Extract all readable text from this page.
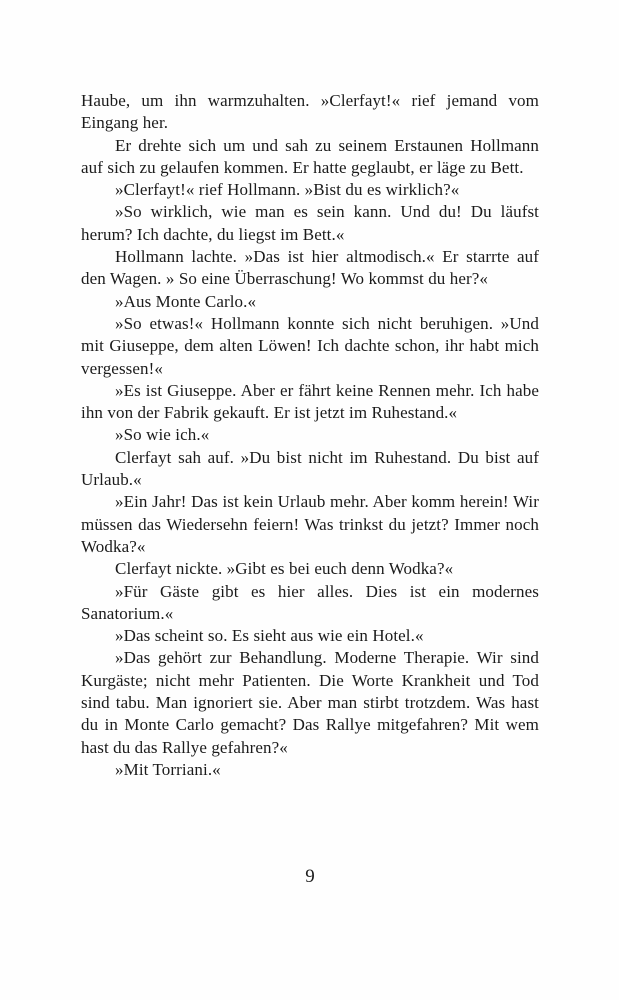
Haube, um ihn warmzuhalten. »Clerfayt!« rief jemand vom Eingang her.

Er drehte sich um und sah zu seinem Erstaunen Hollmann auf sich zu gelaufen kommen. Er hatte geglaubt, er läge zu Bett.

»Clerfayt!« rief Hollmann. »Bist du es wirklich?«

»So wirklich, wie man es sein kann. Und du! Du läufst herum? Ich dachte, du liegst im Bett.«

Hollmann lachte. »Das ist hier altmodisch.« Er starrte auf den Wagen. » So eine Überraschung! Wo kommst du her?«

»Aus Monte Carlo.«

»So etwas!« Hollmann konnte sich nicht beruhigen. »Und mit Giuseppe, dem alten Löwen! Ich dachte schon, ihr habt mich vergessen!«

»Es ist Giuseppe. Aber er fährt keine Rennen mehr. Ich habe ihn von der Fabrik gekauft. Er ist jetzt im Ruhestand.«

»So wie ich.«

Clerfayt sah auf. »Du bist nicht im Ruhestand. Du bist auf Urlaub.«

»Ein Jahr! Das ist kein Urlaub mehr. Aber komm herein! Wir müssen das Wiedersehn feiern! Was trinkst du jetzt? Immer noch Wodka?«

Clerfayt nickte. »Gibt es bei euch denn Wodka?«

»Für Gäste gibt es hier alles. Dies ist ein modernes Sanatorium.«

»Das scheint so. Es sieht aus wie ein Hotel.«

»Das gehört zur Behandlung. Moderne Therapie. Wir sind Kurgäste; nicht mehr Patienten. Die Worte Krankheit und Tod sind tabu. Man ignoriert sie. Aber man stirbt trotzdem. Was hast du in Monte Carlo gemacht? Das Rallye mitgefahren? Mit wem hast du das Rallye gefahren?«

»Mit Torriani.«

9
